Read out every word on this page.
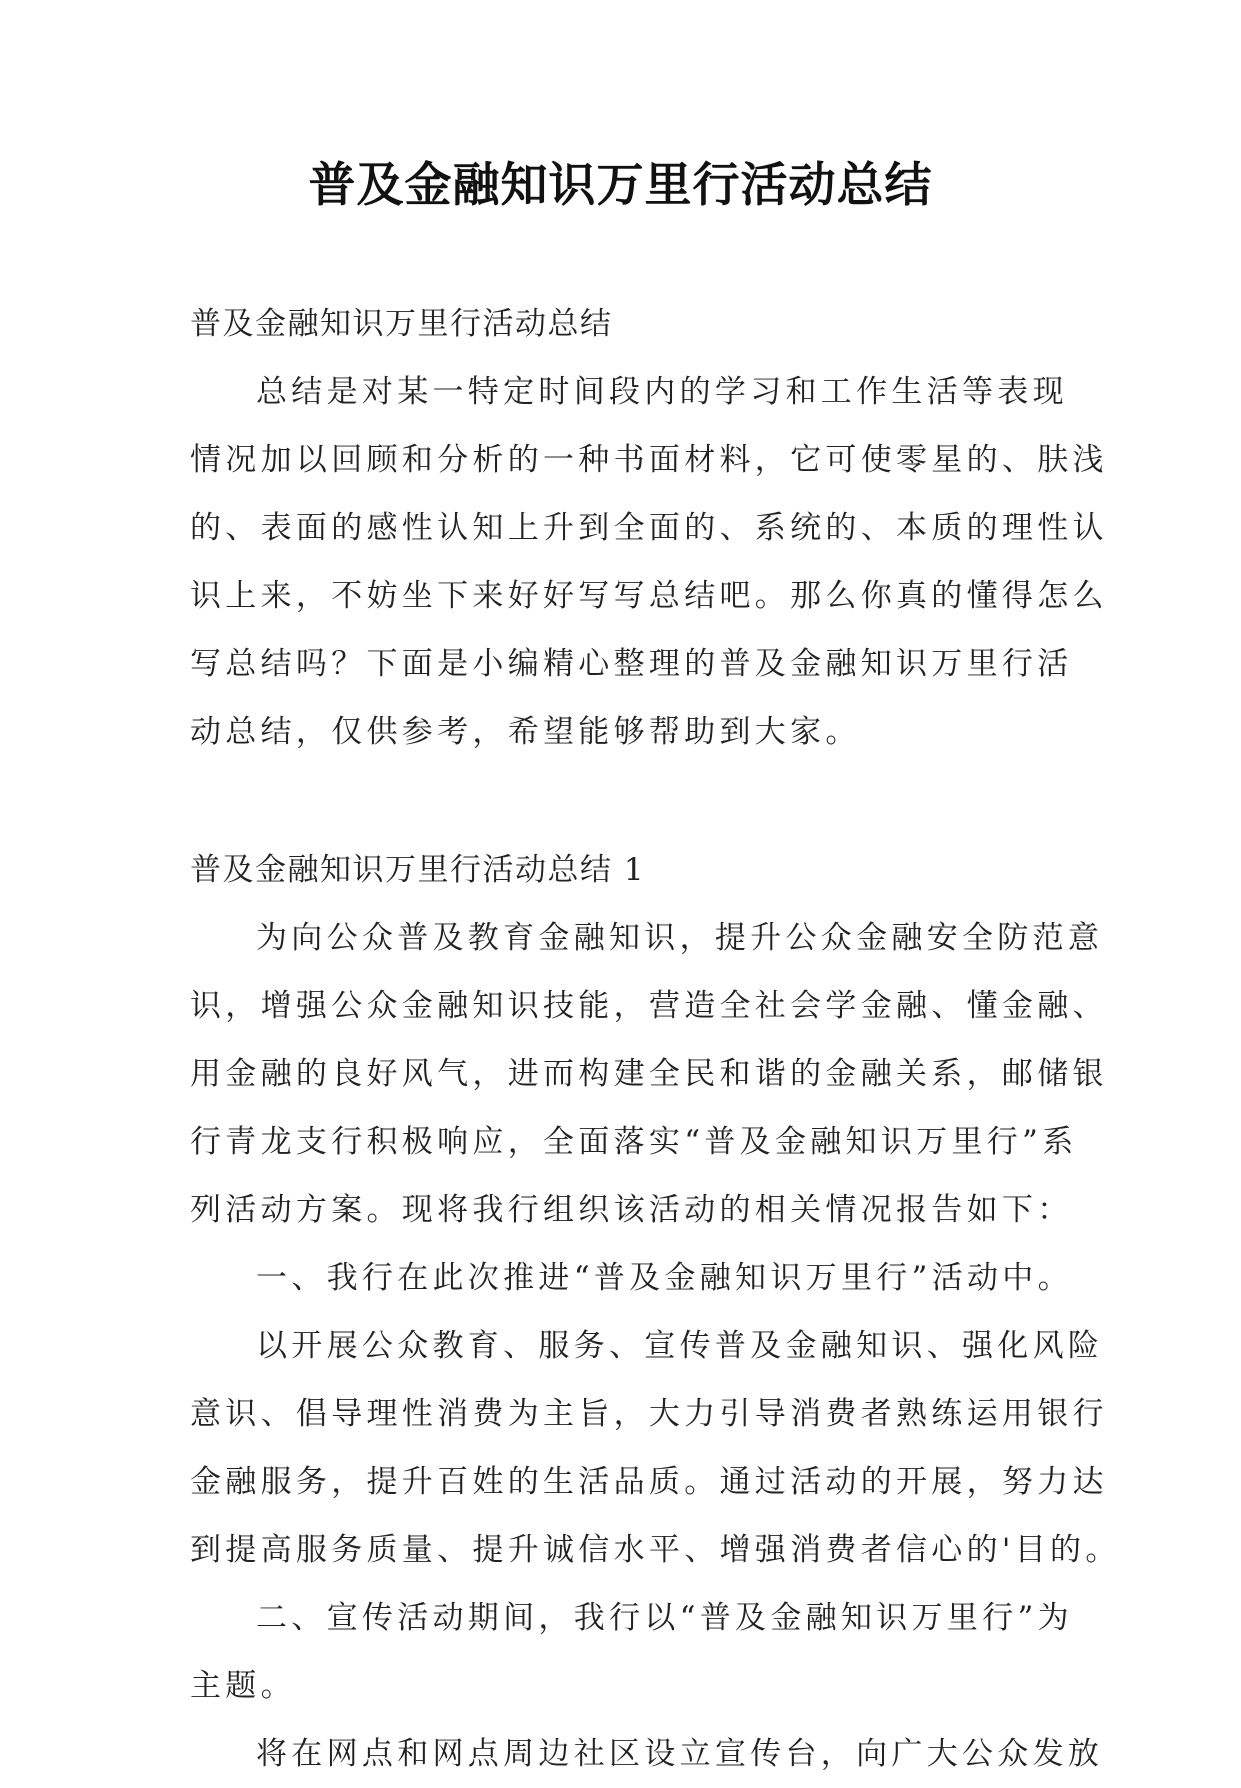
普及金融知识万里行活动总结
普及金融知识万里行活动总结
总结是对某一特定时间段内的学习和工作生活等表现
情况加以回顾和分析的一种书面材料，它可使零星的、肤浅
的、表面的感性认知上升到全面的、系统的、本质的理性认
识上来，不妨坐下来好好写写总结吧。那么你真的懂得怎么
写总结吗？下面是小编精心整理的普及金融知识万里行活
动总结，仅供参考，希望能够帮助到大家。
普及金融知识万里行活动总结 1
为向公众普及教育金融知识，提升公众金融安全防范意
识，增强公众金融知识技能，营造全社会学金融、懂金融、
用金融的良好风气，进而构建全民和谐的金融关系，邮储银
行青龙支行积极响应，全面落实“普及金融知识万里行”系
列活动方案。现将我行组织该活动的相关情况报告如下：
一、我行在此次推进“普及金融知识万里行”活动中。
以开展公众教育、服务、宣传普及金融知识、强化风险
意识、倡导理性消费为主旨，大力引导消费者熟练运用银行
金融服务，提升百姓的生活品质。通过活动的开展，努力达
到提高服务质量、提升诚信水平、增强消费者信心的'目的。
二、宣传活动期间，我行以“普及金融知识万里行”为
主题。
将在网点和网点周边社区设立宣传台，向广大公众发放
